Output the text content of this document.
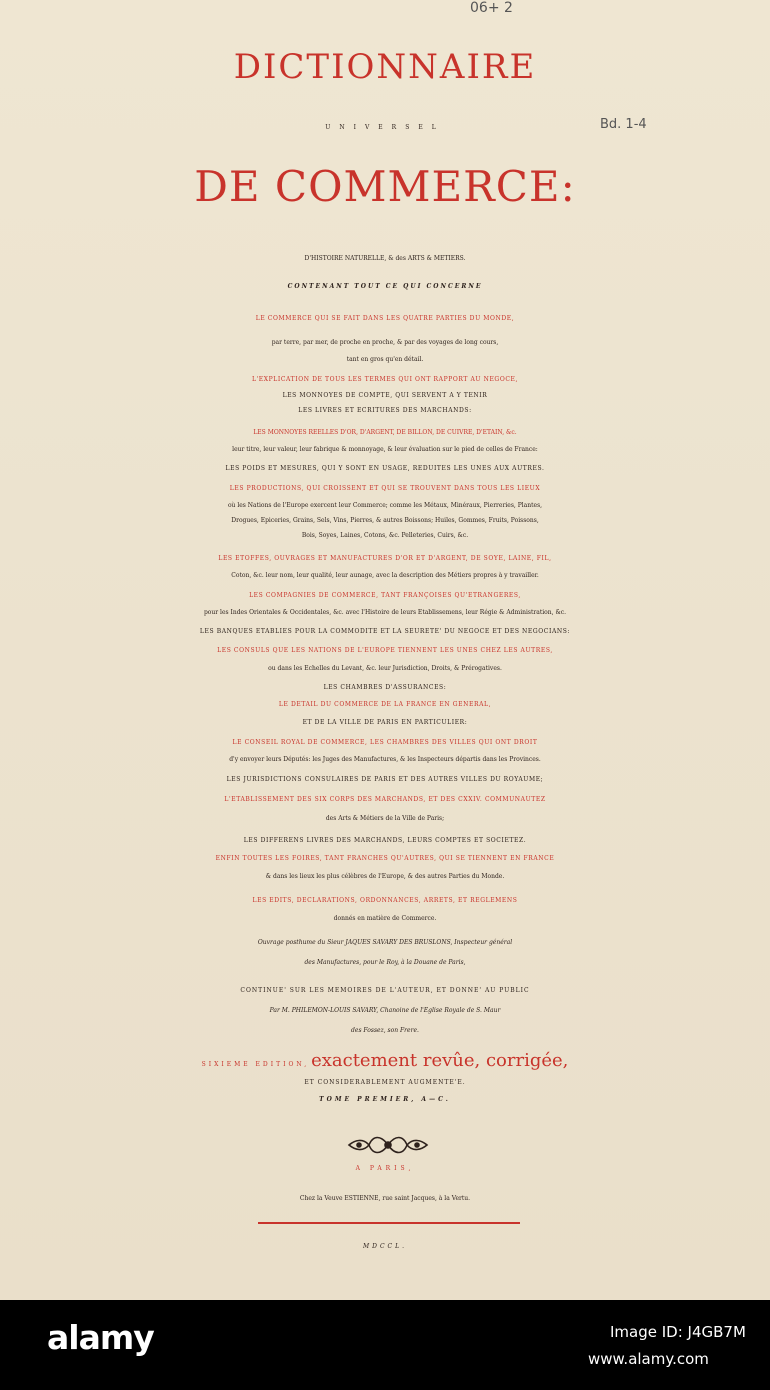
06+ 2
Bd. 1-4
DICTIONNAIRE
UNIVERSEL
DE COMMERCE:
D'HISTOIRE NATURELLE, & des ARTS & METIERS.
CONTENANT TOUT CE QUI CONCERNE
LE COMMERCE QUI SE FAIT DANS LES QUATRE PARTIES DU MONDE,
par terre, par mer, de proche en proche, & par des voyages de long cours,
tant en gros qu'en détail.
L'EXPLICATION DE TOUS LES TERMES QUI ONT RAPPORT AU NEGOCE,
LES MONNOYES DE COMPTE, QUI SERVENT A Y TENIR
LES LIVRES ET ECRITURES DES MARCHANDS:
LES MONNOYES REELLES D'OR, D'ARGENT, DE BILLON, DE CUIVRE, D'ETAIN, &c.
leur titre, leur valeur, leur fabrique & monnoyage, & leur évaluation sur le pied de celles de France:
LES POIDS ET MESURES, QUI Y SONT EN USAGE, REDUITES LES UNES AUX AUTRES.
LES PRODUCTIONS, QUI CROISSENT ET QUI SE TROUVENT DANS TOUS LES LIEUX
où les Nations de l'Europe exercent leur Commerce; comme les Métaux, Minéraux, Pierreries, Plantes,
Drogues, Epiceries, Grains, Sels, Vins, Pierres, & autres Boissons; Huiles, Gommes, Fruits, Poissons,
Bois, Soyes, Laines, Cotons, &c. Pelleteries, Cuirs, &c.
LES ETOFFES, OUVRAGES ET MANUFACTURES D'OR ET D'ARGENT, DE SOYE, LAINE, FIL,
Coton, &c. leur nom, leur qualité, leur aunage, avec la description des Métiers propres à y travailler.
LES COMPAGNIES DE COMMERCE, TANT FRANÇOISES QU'ETRANGERES,
pour les Indes Orientales & Occidentales, &c. avec l'Histoire de leurs Etablissemens, leur Régie & Administration, &c.
LES BANQUES ETABLIES POUR LA COMMODITE ET LA SEURETE' DU NEGOCE ET DES NEGOCIANS:
LES CONSULS QUE LES NATIONS DE L'EUROPE TIENNENT LES UNES CHEZ LES AUTRES,
ou dans les Echelles du Levant, &c. leur Jurisdiction, Droits, & Prérogatives.
LES CHAMBRES D'ASSURANCES:
LE DETAIL DU COMMERCE DE LA FRANCE EN GENERAL,
ET DE LA VILLE DE PARIS EN PARTICULIER:
LE CONSEIL ROYAL DE COMMERCE, LES CHAMBRES DES VILLES QUI ONT DROIT
d'y envoyer leurs Députés: les Juges des Manufactures, & les Inspecteurs départis dans les Provinces.
LES JURISDICTIONS CONSULAIRES DE PARIS ET DES AUTRES VILLES DU ROYAUME;
L'ETABLISSEMENT DES SIX CORPS DES MARCHANDS, ET DES CXXIV. COMMUNAUTEZ
des Arts & Métiers de la Ville de Paris;
LES DIFFERENS LIVRES DES MARCHANDS, LEURS COMPTES ET SOCIETEZ.
ENFIN TOUTES LES FOIRES, TANT FRANCHES QU'AUTRES, QUI SE TIENNENT EN FRANCE
& dans les lieux les plus célèbres de l'Europe, & des autres Parties du Monde.
LES EDITS, DECLARATIONS, ORDONNANCES, ARRETS, ET REGLEMENS
donnés en matière de Commerce.
Ouvrage posthume du Sieur JAQUES SAVARY DES BRUSLONS, Inspecteur général
des Manufactures, pour le Roy, à la Douane de Paris,
CONTINUE' SUR LES MEMOIRES DE L'AUTEUR, ET DONNE' AU PUBLIC
Par M. PHILEMON-LOUIS SAVARY, Chanoine de l'Eglise Royale de S. Maur
des Fossez, son Frere.
SIXIEME EDITION, exactement revûe, corrigée,
ET CONSIDERABLEMENT AUGMENTE'E.
TOME PREMIER, A—C.
A PARIS,
Chez la Veuve ESTIENNE, rue saint Jacques, à la Vertu.
MDCCL.
alamy	Image ID: J4GB7M
www.alamy.com
